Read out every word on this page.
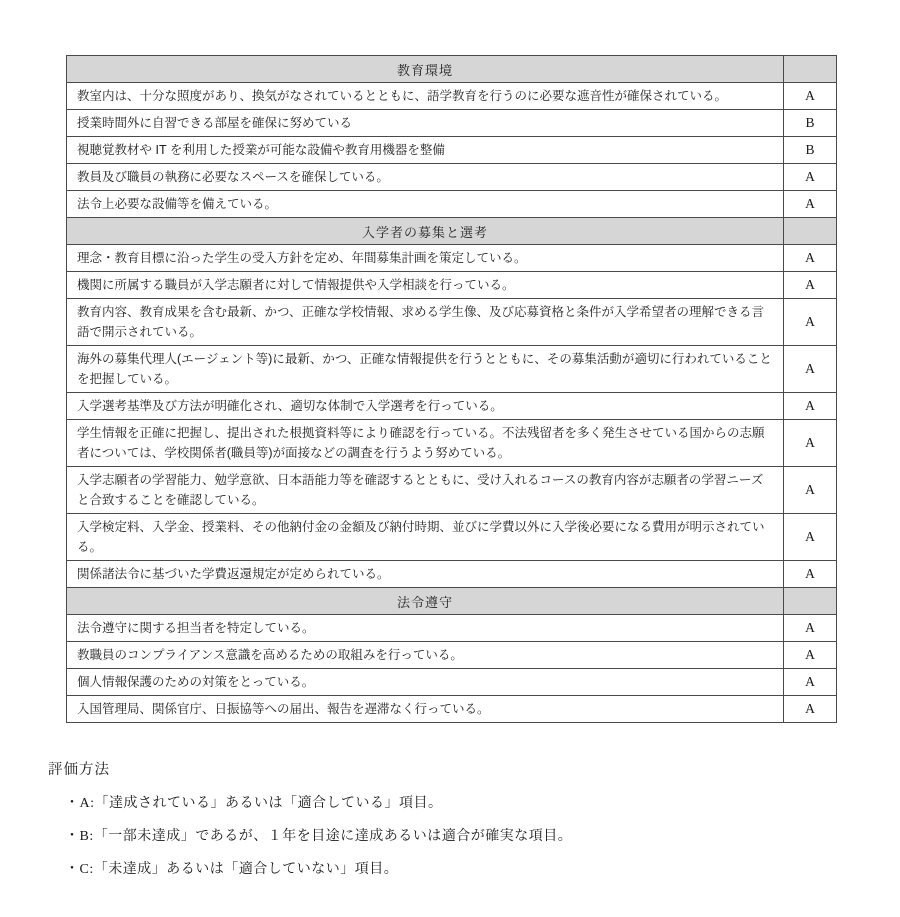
教育環境	
教室内は、十分な照度があり、換気がなされているとともに、語学教育を行うのに必要な遮音性が確保されている。	A
授業時間外に自習できる部屋を確保に努めている	B
視聴覚教材や IT を利用した授業が可能な設備や教育用機器を整備	B
教員及び職員の執務に必要なスペースを確保している。	A
法令上必要な設備等を備えている。	A
入学者の募集と選考	
理念・教育目標に沿った学生の受入方針を定め、年間募集計画を策定している。	A
機関に所属する職員が入学志願者に対して情報提供や入学相談を行っている。	A
教育内容、教育成果を含む最新、かつ、正確な学校情報、求める学生像、及び応募資格と条件が入学希望者の理解できる言語で開示されている。	A
海外の募集代理人(エージェント等)に最新、かつ、正確な情報提供を行うとともに、その募集活動が適切に行われていることを把握している。	A
入学選考基準及び方法が明確化され、適切な体制で入学選考を行っている。	A
学生情報を正確に把握し、提出された根拠資料等により確認を行っている。不法残留者を多く発生させている国からの志願者については、学校関係者(職員等)が面接などの調査を行うよう努めている。	A
入学志願者の学習能力、勉学意欲、日本語能力等を確認するとともに、受け入れるコースの教育内容が志願者の学習ニーズと合致することを確認している。	A
入学検定料、入学金、授業料、その他納付金の金額及び納付時期、並びに学費以外に入学後必要になる費用が明示されている。	A
関係諸法令に基づいた学費返還規定が定められている。	A
法令遵守	
法令遵守に関する担当者を特定している。	A
教職員のコンプライアンス意識を高めるための取組みを行っている。	A
個人情報保護のための対策をとっている。	A
入国管理局、関係官庁、日振協等への届出、報告を遅滞なく行っている。	A
評価方法
・A:「達成されている」あるいは「適合している」項目。
・B:「一部未達成」であるが、１年を目途に達成あるいは適合が確実な項目。
・C:「未達成」あるいは「適合していない」項目。
